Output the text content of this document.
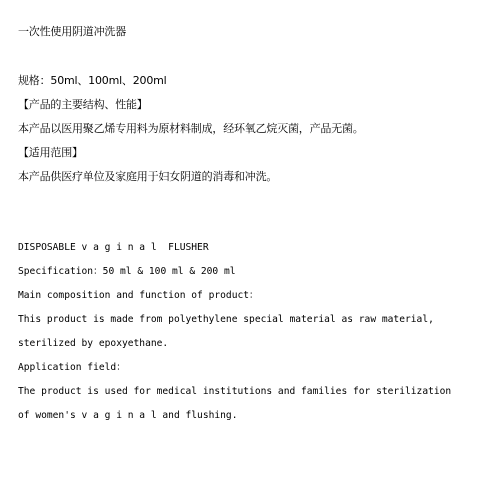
一次性使用阴道冲洗器
规格：50ml、100ml、200ml
【产品的主要结构、性能】
本产品以医用聚乙烯专用料为原材料制成，经环氧乙烷灭菌，产品无菌。
【适用范围】
本产品供医疗单位及家庭用于妇女阴道的消毒和冲洗。
DISPOSABLE v a g i n a l  FLUSHER
Specification：50 ml & 100 ml & 200 ml
Main composition and function of product：
This product is made from polyethylene special material as raw material,
sterilized by epoxyethane.
Application field：
The product is used for medical institutions and families for sterilization
of women's v a g i n a l and flushing.
